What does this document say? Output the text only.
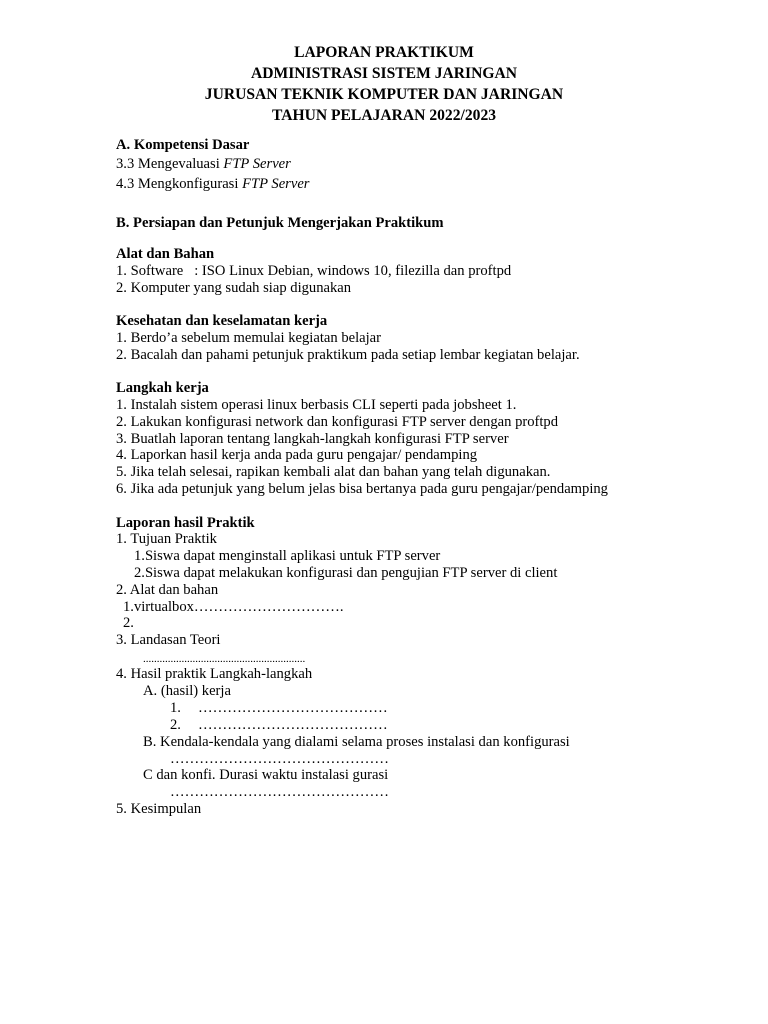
LAPORAN PRAKTIKUM
ADMINISTRASI SISTEM JARINGAN
JURUSAN TEKNIK KOMPUTER DAN JARINGAN
TAHUN PELAJARAN 2022/2023
A. Kompetensi Dasar
3.3 Mengevaluasi FTP Server
4.3 Mengkonfigurasi FTP Server
B. Persiapan dan Petunjuk Mengerjakan Praktikum
Alat dan Bahan
1. Software   : ISO Linux Debian, windows 10, filezilla dan proftpd
2. Komputer yang sudah siap digunakan
Kesehatan dan keselamatan kerja
1. Berdo’a sebelum memulai kegiatan belajar
2. Bacalah dan pahami petunjuk praktikum pada setiap lembar kegiatan belajar.
Langkah kerja
1. Instalah sistem operasi linux berbasis CLI seperti pada jobsheet 1.
2. Lakukan konfigurasi network dan konfigurasi FTP server dengan proftpd
3. Buatlah laporan tentang langkah-langkah konfigurasi FTP server
4. Laporkan hasil kerja anda pada guru pengajar/ pendamping
5. Jika telah selesai, rapikan kembali alat dan bahan yang telah digunakan.
6. Jika ada petunjuk yang belum jelas bisa bertanya pada guru pengajar/pendamping
Laporan hasil Praktik
1. Tujuan Praktik
1.Siswa dapat menginstall aplikasi untuk FTP server
2.Siswa dapat melakukan konfigurasi dan pengujian FTP server di client
2. Alat dan bahan
1.virtualbox………………………….
2.
3. Landasan Teori
...........................................................
4. Hasil praktik Langkah-langkah
A. (hasil) kerja
1. …………………………………
2. …………………………………
B. Kendala-kendala yang dialami selama proses instalasi dan konfigurasi
………………………………………
C dan konfi. Durasi waktu instalasi gurasi
………………………………………
5. Kesimpulan
